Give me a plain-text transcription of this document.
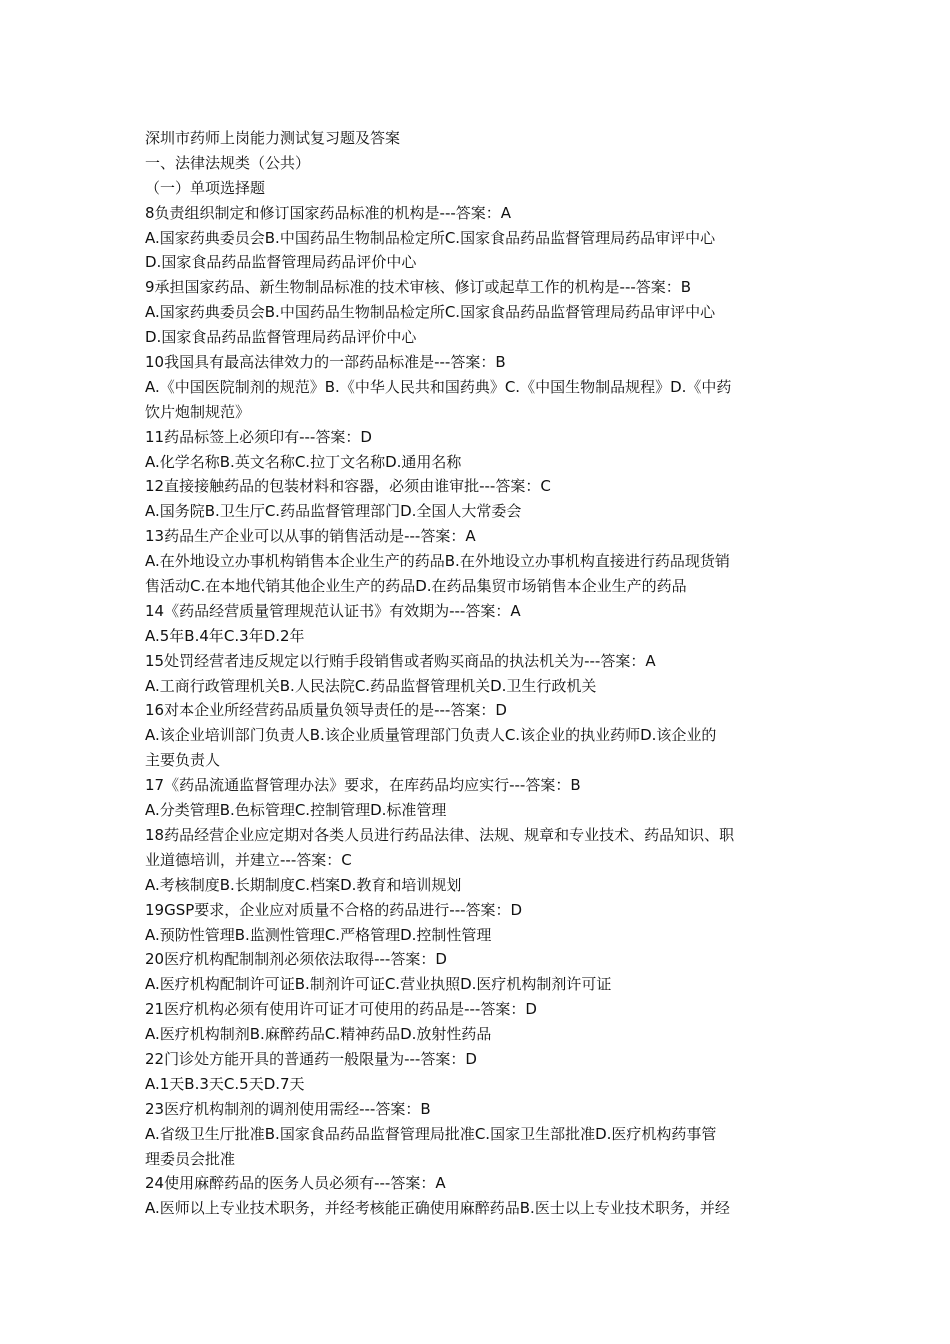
深圳市药师上岗能力测试复习题及答案
一、法律法规类（公共）
（一）单项选择题
8负责组织制定和修订国家药品标准的机构是---答案：A
A.国家药典委员会B.中国药品生物制品检定所C.国家食品药品监督管理局药品审评中心
D.国家食品药品监督管理局药品评价中心
9承担国家药品、新生物制品标准的技术审核、修订或起草工作的机构是---答案：B
A.国家药典委员会B.中国药品生物制品检定所C.国家食品药品监督管理局药品审评中心
D.国家食品药品监督管理局药品评价中心
10我国具有最高法律效力的一部药品标准是---答案：B
A.《中国医院制剂的规范》B.《中华人民共和国药典》C.《中国生物制品规程》D.《中药
饮片炮制规范》
11药品标签上必须印有---答案：D
A.化学名称B.英文名称C.拉丁文名称D.通用名称
12直接接触药品的包装材料和容器，必须由谁审批---答案：C
A.国务院B.卫生厅C.药品监督管理部门D.全国人大常委会
13药品生产企业可以从事的销售活动是---答案：A
A.在外地设立办事机构销售本企业生产的药品B.在外地设立办事机构直接进行药品现货销
售活动C.在本地代销其他企业生产的药品D.在药品集贸市场销售本企业生产的药品
14《药品经营质量管理规范认证书》有效期为---答案：A
A.5年B.4年C.3年D.2年
15处罚经营者违反规定以行贿手段销售或者购买商品的执法机关为---答案：A
A.工商行政管理机关B.人民法院C.药品监督管理机关D.卫生行政机关
16对本企业所经营药品质量负领导责任的是---答案：D
A.该企业培训部门负责人B.该企业质量管理部门负责人C.该企业的执业药师D.该企业的
主要负责人
17《药品流通监督管理办法》要求，在库药品均应实行---答案：B
A.分类管理B.色标管理C.控制管理D.标准管理
18药品经营企业应定期对各类人员进行药品法律、法规、规章和专业技术、药品知识、职
业道德培训，并建立---答案：C
A.考核制度B.长期制度C.档案D.教育和培训规划
19GSP要求，企业应对质量不合格的药品进行---答案：D
A.预防性管理B.监测性管理C.严格管理D.控制性管理
20医疗机构配制制剂必须依法取得---答案：D
A.医疗机构配制许可证B.制剂许可证C.营业执照D.医疗机构制剂许可证
21医疗机构必须有使用许可证才可使用的药品是---答案：D
A.医疗机构制剂B.麻醉药品C.精神药品D.放射性药品
22门诊处方能开具的普通药一般限量为---答案：D
A.1天B.3天C.5天D.7天
23医疗机构制剂的调剂使用需经---答案：B
A.省级卫生厅批准B.国家食品药品监督管理局批准C.国家卫生部批准D.医疗机构药事管
理委员会批准
24使用麻醉药品的医务人员必须有---答案：A
A.医师以上专业技术职务，并经考核能正确使用麻醉药品B.医士以上专业技术职务，并经
